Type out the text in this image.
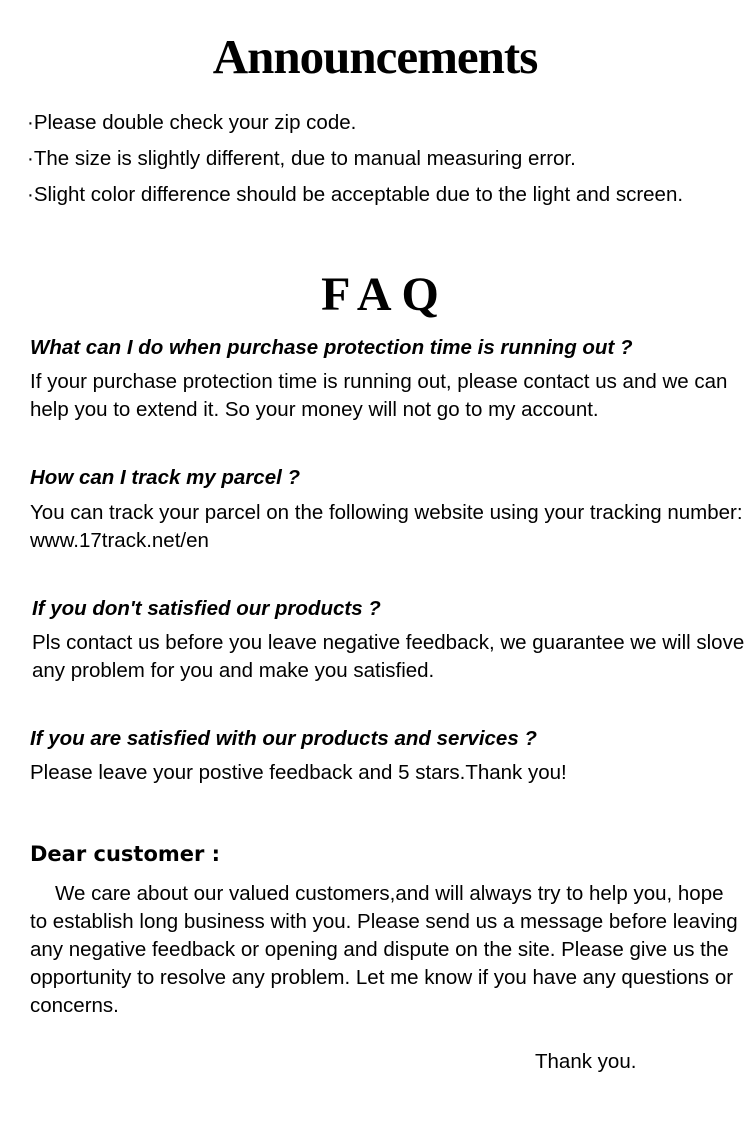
Announcements

·Please double check your zip code.

·The size is slightly different, due to manual measuring error.

·Slight color difference should be acceptable due to the light and screen.

FAQ

What can I do when purchase protection time is running out ?

If your purchase protection time is running out, please contact us and we can help you to extend it. So your money will not go to my account.

How can I track my parcel ?

You can track your parcel on the following website using your tracking number: www.17track.net/en

If you don't satisfied our products ?

Pls contact us before you leave negative feedback, we guarantee we will slove any problem for you and make you satisfied.

If you are satisfied with our products and services ?

Please leave your postive feedback and 5 stars.Thank you!

Dear customer :

We care about our valued customers,and will always try to help you, hope to establish long business with you. Please send us a message before leaving any negative feedback or opening and dispute on the site. Please give us the opportunity to resolve any problem. Let me know if you have any questions or concerns.

Thank you.
